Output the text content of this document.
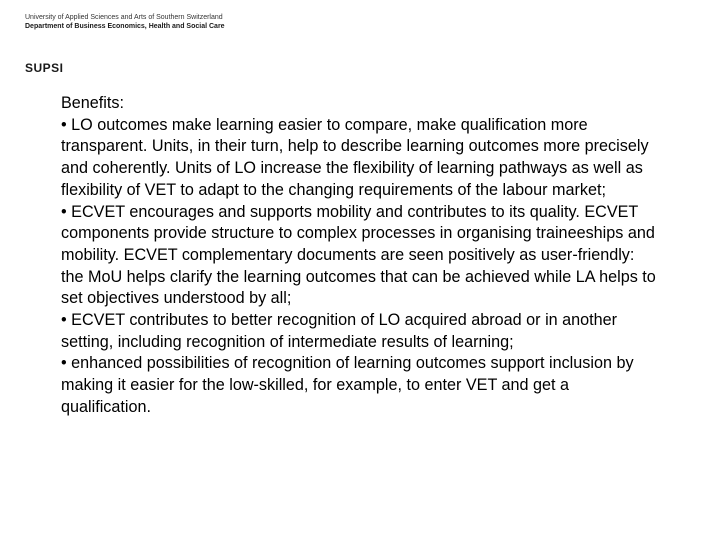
University of Applied Sciences and Arts of Southern Switzerland
Department of Business Economics, Health and Social Care
SUPSI

Benefits:

• LO outcomes make learning easier to compare, make qualification more transparent. Units, in their turn, help to describe learning outcomes more precisely and coherently. Units of LO increase the flexibility of learning pathways as well as flexibility of VET to adapt to the changing requirements of the labour market;

• ECVET encourages and supports mobility and contributes to its quality. ECVET components provide structure to complex processes in organising traineeships and mobility. ECVET complementary documents are seen positively as user-friendly: the MoU helps clarify the learning outcomes that can be achieved while LA helps to set objectives understood by all;

• ECVET contributes to better recognition of LO acquired abroad or in another setting, including recognition of intermediate results of learning;

• enhanced possibilities of recognition of learning outcomes support inclusion by making it easier for the low-skilled, for example, to enter VET and get a qualification.
